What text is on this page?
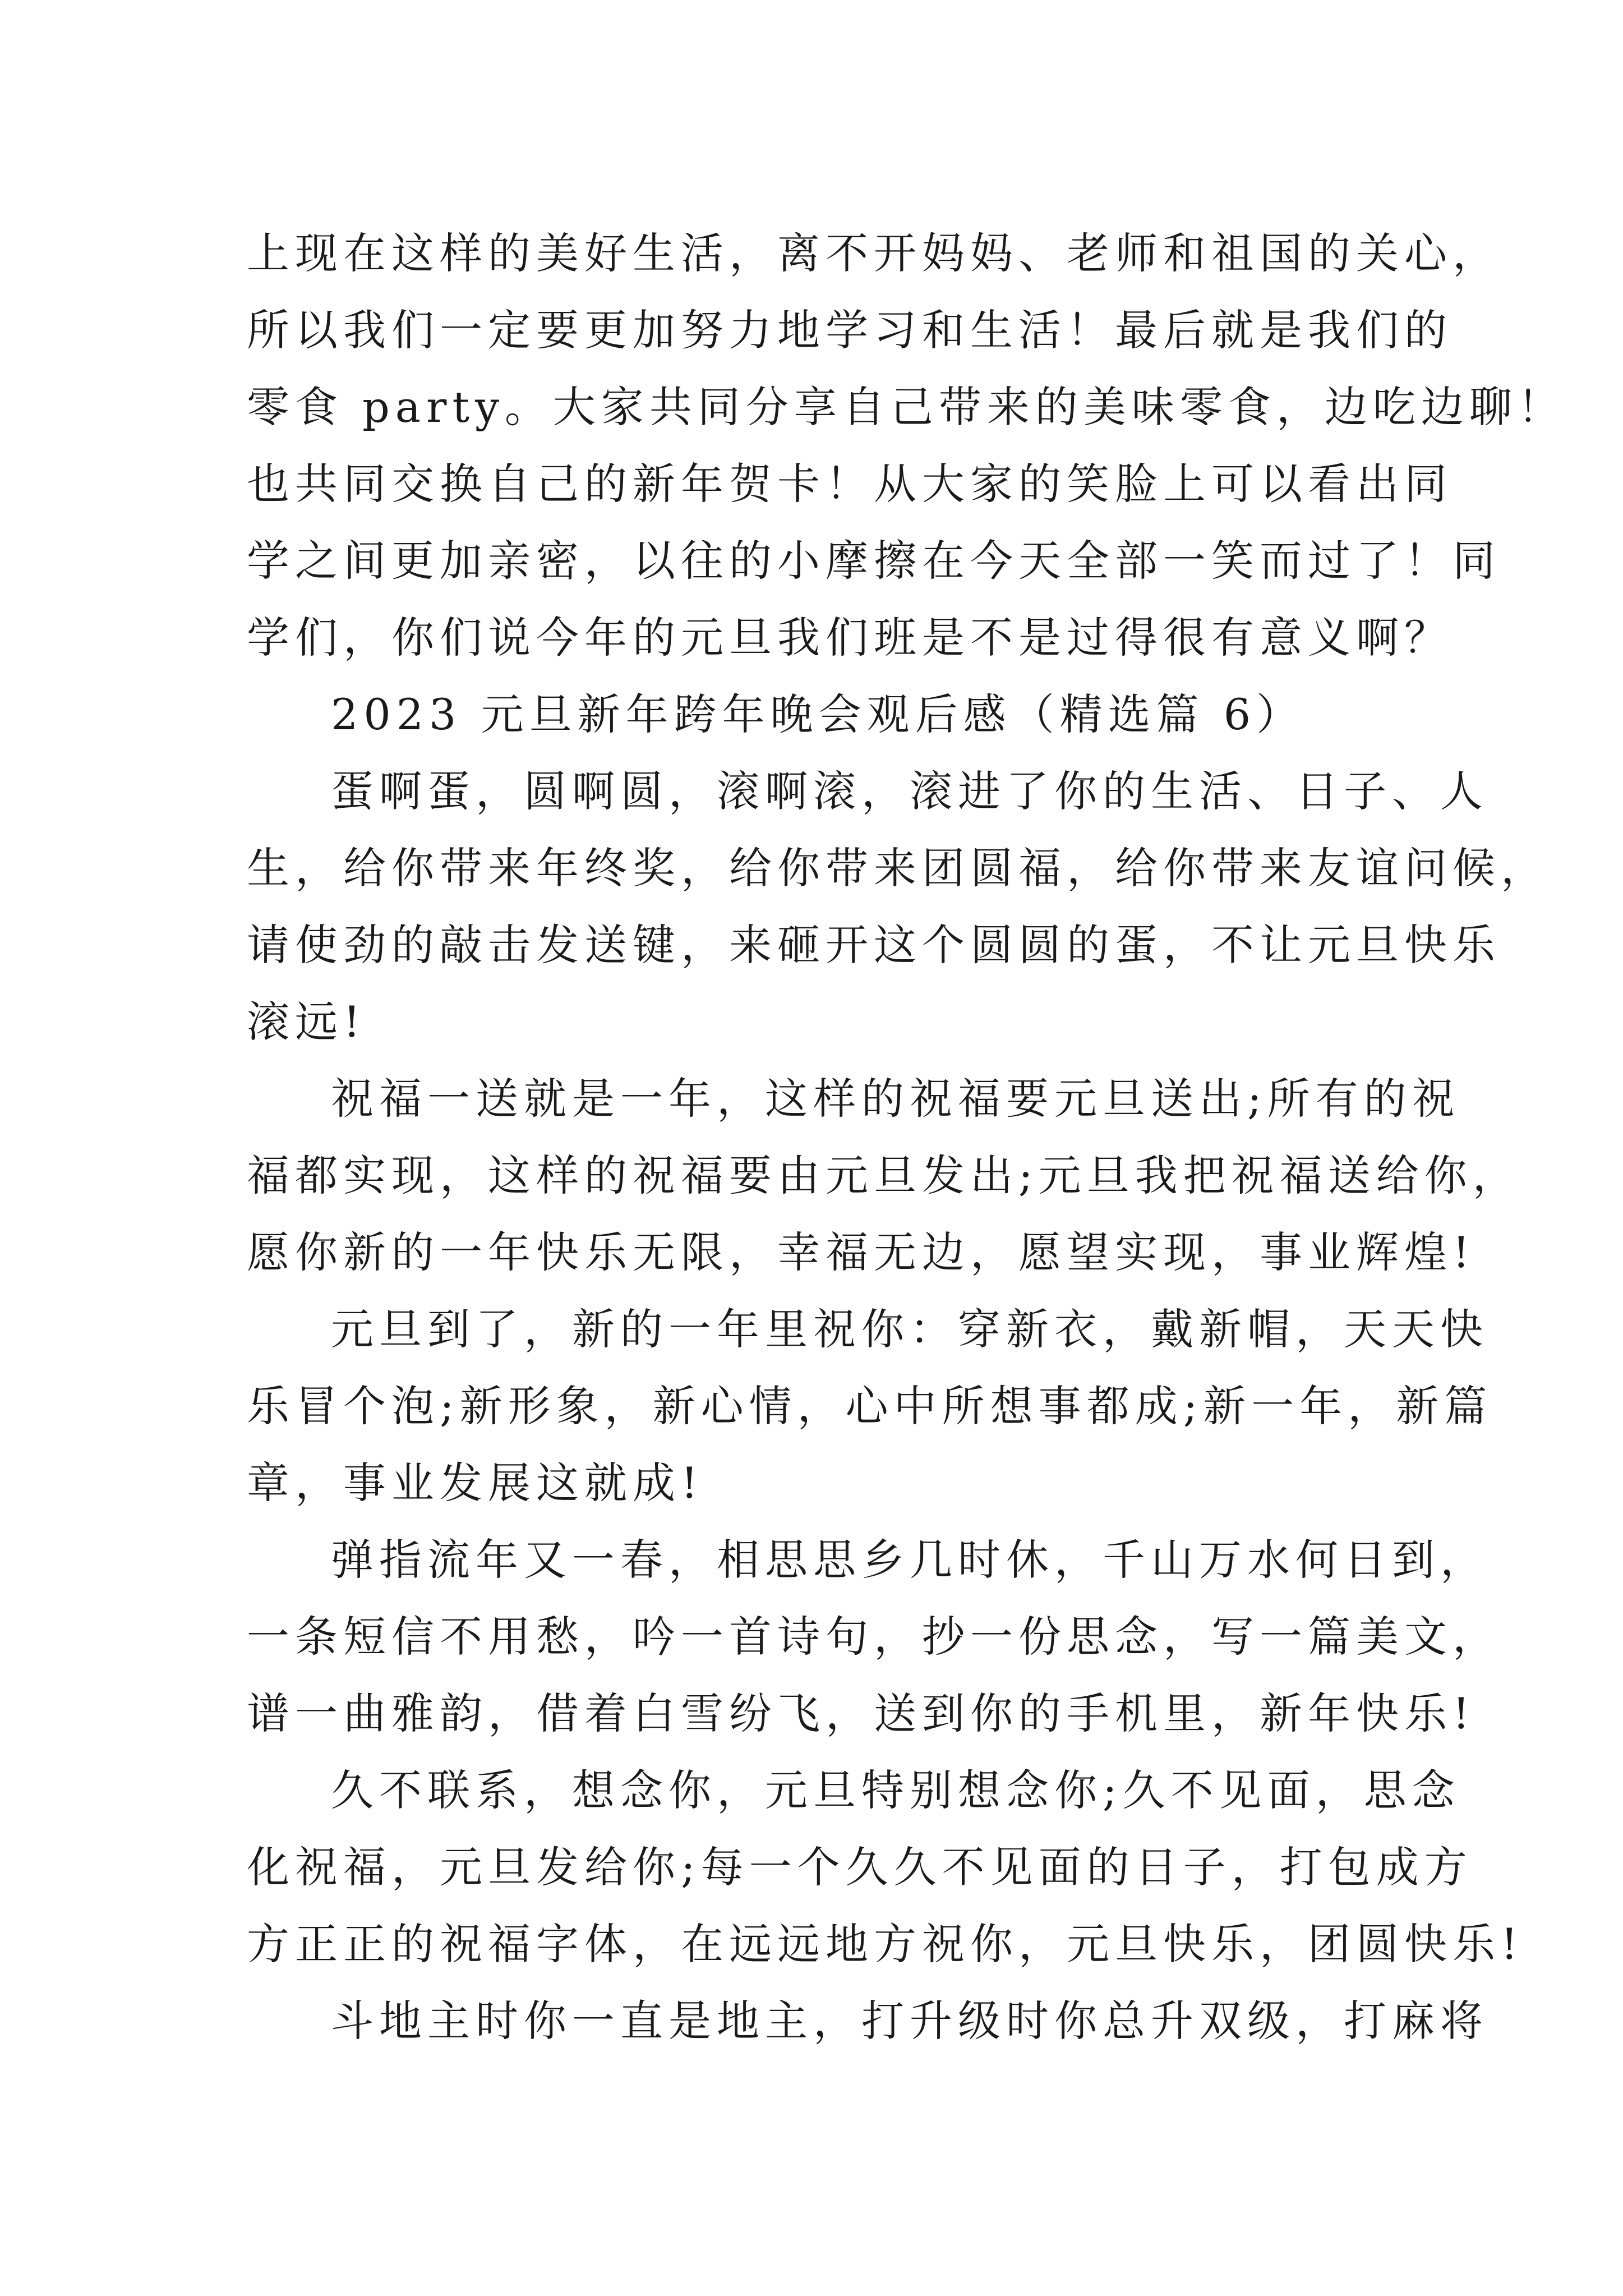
上现在这样的美好生活，离不开妈妈、老师和祖国的关心，

所以我们一定要更加努力地学习和生活！最后就是我们的

零食 party。大家共同分享自己带来的美味零食，边吃边聊！

也共同交换自己的新年贺卡！从大家的笑脸上可以看出同

学之间更加亲密，以往的小摩擦在今天全部一笑而过了！同

学们，你们说今年的元旦我们班是不是过得很有意义啊？

2023 元旦新年跨年晚会观后感（精选篇 6）

蛋啊蛋，圆啊圆，滚啊滚，滚进了你的生活、日子、人

生，给你带来年终奖，给你带来团圆福，给你带来友谊问候，

请使劲的敲击发送键，来砸开这个圆圆的蛋，不让元旦快乐

滚远!

祝福一送就是一年，这样的祝福要元旦送出;所有的祝

福都实现，这样的祝福要由元旦发出;元旦我把祝福送给你，

愿你新的一年快乐无限，幸福无边，愿望实现，事业辉煌!

元旦到了，新的一年里祝你：穿新衣，戴新帽，天天快

乐冒个泡;新形象，新心情，心中所想事都成;新一年，新篇

章，事业发展这就成!

弹指流年又一春，相思思乡几时休，千山万水何日到，

一条短信不用愁，吟一首诗句，抄一份思念，写一篇美文，

谱一曲雅韵，借着白雪纷飞，送到你的手机里，新年快乐!

久不联系，想念你，元旦特别想念你;久不见面，思念

化祝福，元旦发给你;每一个久久不见面的日子，打包成方

方正正的祝福字体，在远远地方祝你，元旦快乐，团圆快乐!

斗地主时你一直是地主，打升级时你总升双级，打麻将
